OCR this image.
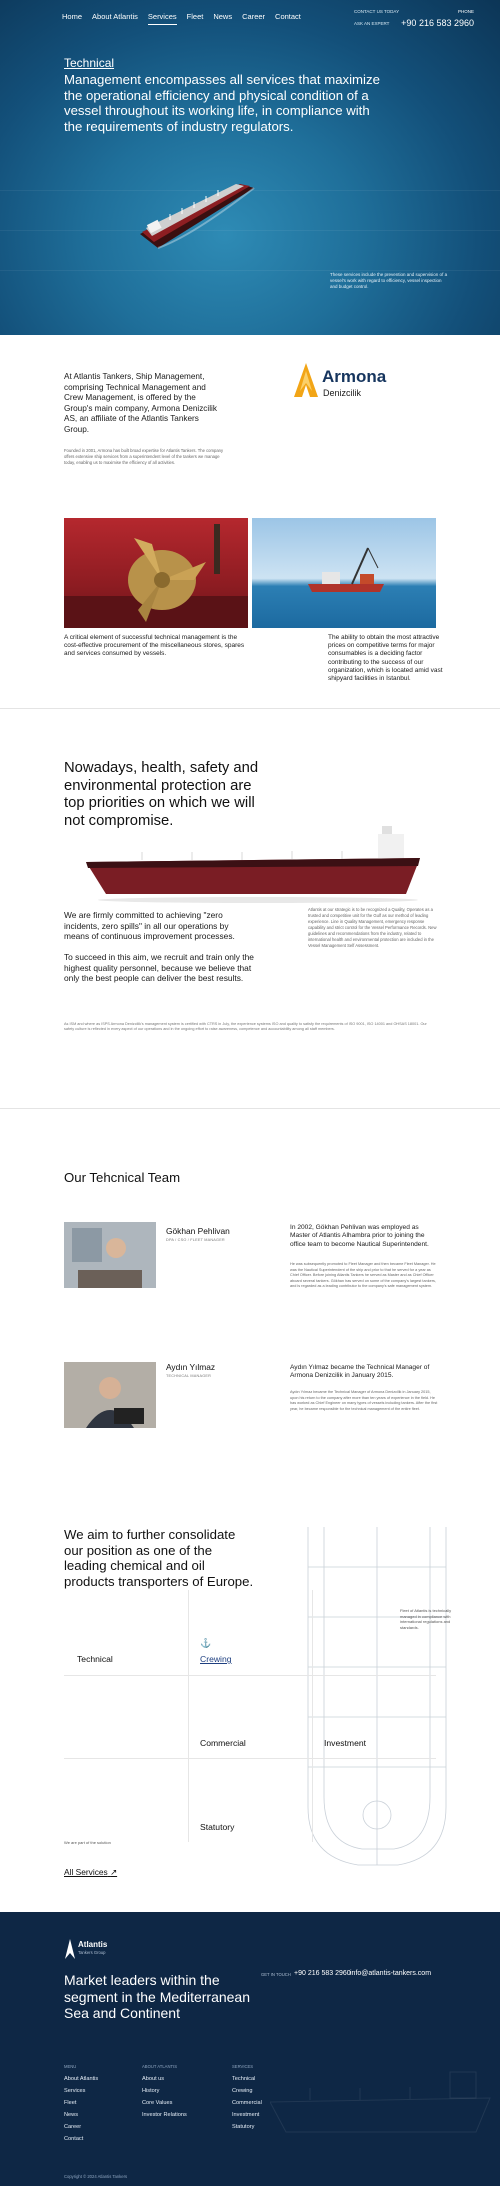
Home About Atlantis Services Fleet News Career Contact
CONTACT US TODAY
ASK AN EXPERT
PHONE
+90 216 583 2960
Technical
Management encompasses all services that maximize the operational efficiency and physical condition of a vessel throughout its working life, in compliance with the requirements of industry regulators.
These services include the prevention and supervision of a vessel's work with regard to efficiency, vessel inspection and budget control.
At Atlantis Tankers, Ship Management, comprising Technical Management and Crew Management, is offered by the Group's main company, Armona Denizcilik AS, an affiliate of the Atlantis Tankers Group.
Founded in 2001, Armona has built broad expertise for Atlantis Tankers. The company offers extensive ship services from a superintendent level of the tankers we manage today, enabling us to maximise the efficiency of all activities.
Armona
Denizcilik
A critical element of successful technical management is the cost-effective procurement of the miscellaneous stores, spares and services consumed by vessels.
The ability to obtain the most attractive prices on competitive terms for major consumables is a deciding factor contributing to the success of our organization, which is located amid vast shipyard facilities in Istanbul.
Nowadays, health, safety and environmental protection are top priorities on which we will not compromise.
We are firmly committed to achieving "zero incidents, zero spills" in all our operations by means of continuous improvement processes.
To succeed in this aim, we recruit and train only the highest quality personnel, because we believe that only the best people can deliver the best results.
Atlantis at our strategic is to be recognized a Quality, Operates as a trusted and competitive unit for the Gulf as our method of leading experience. Line in Quality Management, emergency response capability and strict control for the Vessel Performance Records. New guidelines and recommendations from the industry, related to international health and environmental protection are included in the Vessel Management Self Assessment.
As ISM and where as ISPS Armona Denizcilik's management system is certified with CTRS in July, the experience systems ISO and quality to satisfy the requirements of ISO 9001, ISO 14001 and OHSAS 18001. Our safety culture is reflected in every aspect of our operations and in the ongoing effort to raise awareness, competence and accountability among all staff members.
Our Tehcnical Team
Gökhan Pehlivan
DPA / CSO / FLEET MANAGER
In 2002, Gökhan Pehlivan was employed as Master of Atlantis Alhambra prior to joining the office team to become Nautical Superintendent.
He was subsequently promoted to Fleet Manager and then became Fleet Manager. He was the Nautical Superintendent of the ship and prior to that he served for a year as Chief Officer. Before joining Atlantis Tankers he served as Master and as Chief Officer aboard several tankers. Gökhan has served on some of the company's largest tankers, and is regarded as a leading contributor to the company's safe management system.
Aydın Yılmaz
TECHNICAL MANAGER
Aydın Yılmaz became the Technical Manager of Armona Denizcilik in January 2015.
Aydın Yılmaz became the Technical Manager of Armona Denizcilik in January 2015, upon his return to the company after more than ten years of experience in the field. He has worked as Chief Engineer on many types of vessels including tankers. After the first year, he became responsible for the technical management of the entire fleet.
We aim to further consolidate our position as one of the leading chemical and oil products transporters of Europe.
Fleet of Atlantis is technically managed in compliance with international regulations and standards.
Technical
⚓
Crewing
Commercial	Investment
Statutory
We are part of the solution
All Services ↗
Atlantis
Tankers Group
Market leaders within the segment in the Mediterranean Sea and Continent
GET IN TOUCH +90 216 583 2960 info@atlantis-tankers.com
MENU	ABOUT ATLANTIS	SERVICES
About Atlantis
Services
Fleet
News
Career
Contact
About us
History
Core Values
Investor Relations
Technical
Crewing
Commercial
Investment
Statutory
Copyright © 2024 Atlantis Tankers
